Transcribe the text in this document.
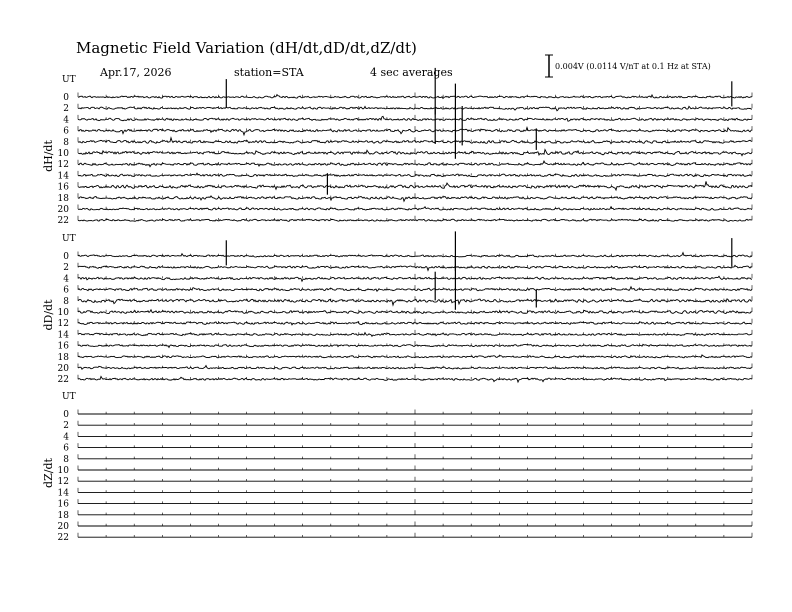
Magnetic Field Variation (dH/dt,dD/dt,dZ/dt)
Apr.17, 2026	station=STA	4 sec averages	0.004V (0.0114 V/nT at 0.1 Hz at STA)
UT
dH/dt
0
2
4
6
8
10
12
14
16
18
20
22
UT
dD/dt
0
2
4
6
8
10
12
14
16
18
20
22
UT
dZ/dt
0
2
4
6
8
10
12
14
16
18
20
22
